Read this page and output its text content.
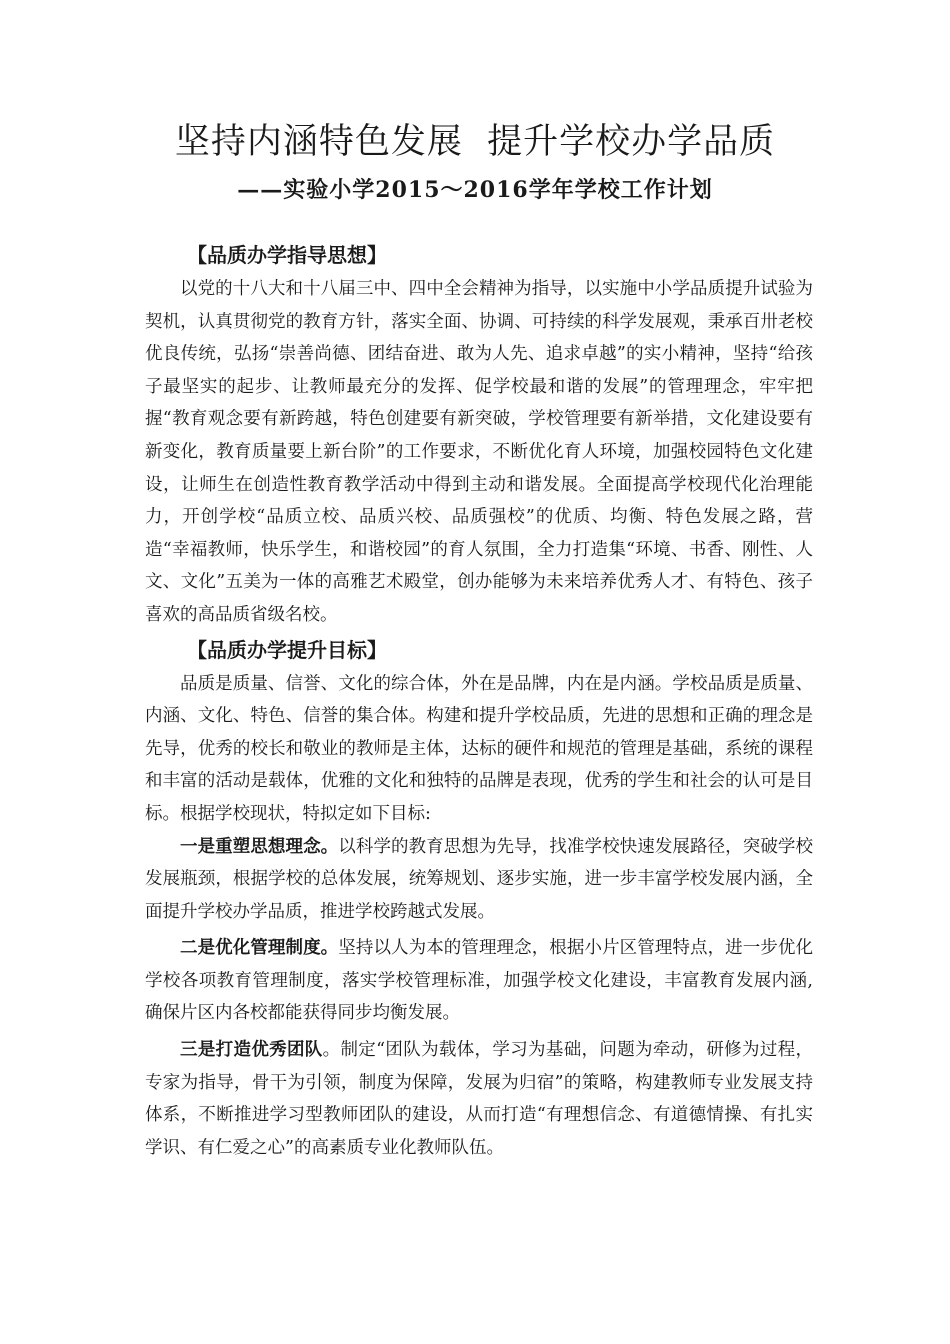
坚持内涵特色发展  提升学校办学品质
——实验小学2015～2016学年学校工作计划
【品质办学指导思想】

以党的十八大和十八届三中、四中全会精神为指导，以实施中小学品质提升试验为契机，认真贯彻党的教育方针，落实全面、协调、可持续的科学发展观，秉承百卅老校优良传统，弘扬“崇善尚德、团结奋进、敢为人先、追求卓越”的实小精神，坚持“给孩子最坚实的起步、让教师最充分的发挥、促学校最和谐的发展”的管理理念，牢牢把握“教育观念要有新跨越，特色创建要有新突破，学校管理要有新举措，文化建设要有新变化，教育质量要上新台阶”的工作要求，不断优化育人环境，加强校园特色文化建设，让师生在创造性教育教学活动中得到主动和谐发展。全面提高学校现代化治理能力，开创学校“品质立校、品质兴校、品质强校”的优质、均衡、特色发展之路，营造“幸福教师，快乐学生，和谐校园”的育人氛围，全力打造集“环境、书香、刚性、人文、文化”五美为一体的高雅艺术殿堂，创办能够为未来培养优秀人才、有特色、孩子喜欢的高品质省级名校。

【品质办学提升目标】

品质是质量、信誉、文化的综合体，外在是品牌，内在是内涵。学校品质是质量、内涵、文化、特色、信誉的集合体。构建和提升学校品质，先进的思想和正确的理念是先导，优秀的校长和敬业的教师是主体，达标的硬件和规范的管理是基础，系统的课程和丰富的活动是载体，优雅的文化和独特的品牌是表现，优秀的学生和社会的认可是目标。根据学校现状，特拟定如下目标:

一是重塑思想理念。以科学的教育思想为先导，找准学校快速发展路径，突破学校发展瓶颈，根据学校的总体发展，统筹规划、逐步实施，进一步丰富学校发展内涵，全面提升学校办学品质，推进学校跨越式发展。

二是优化管理制度。坚持以人为本的管理理念，根据小片区管理特点，进一步优化学校各项教育管理制度，落实学校管理标准，加强学校文化建设，丰富教育发展内涵,确保片区内各校都能获得同步均衡发展。

三是打造优秀团队。制定“团队为载体，学习为基础，问题为牵动，研修为过程，专家为指导，骨干为引领，制度为保障，发展为归宿”的策略，构建教师专业发展支持体系，不断推进学习型教师团队的建设，从而打造“有理想信念、有道德情操、有扎实学识、有仁爱之心”的高素质专业化教师队伍。
